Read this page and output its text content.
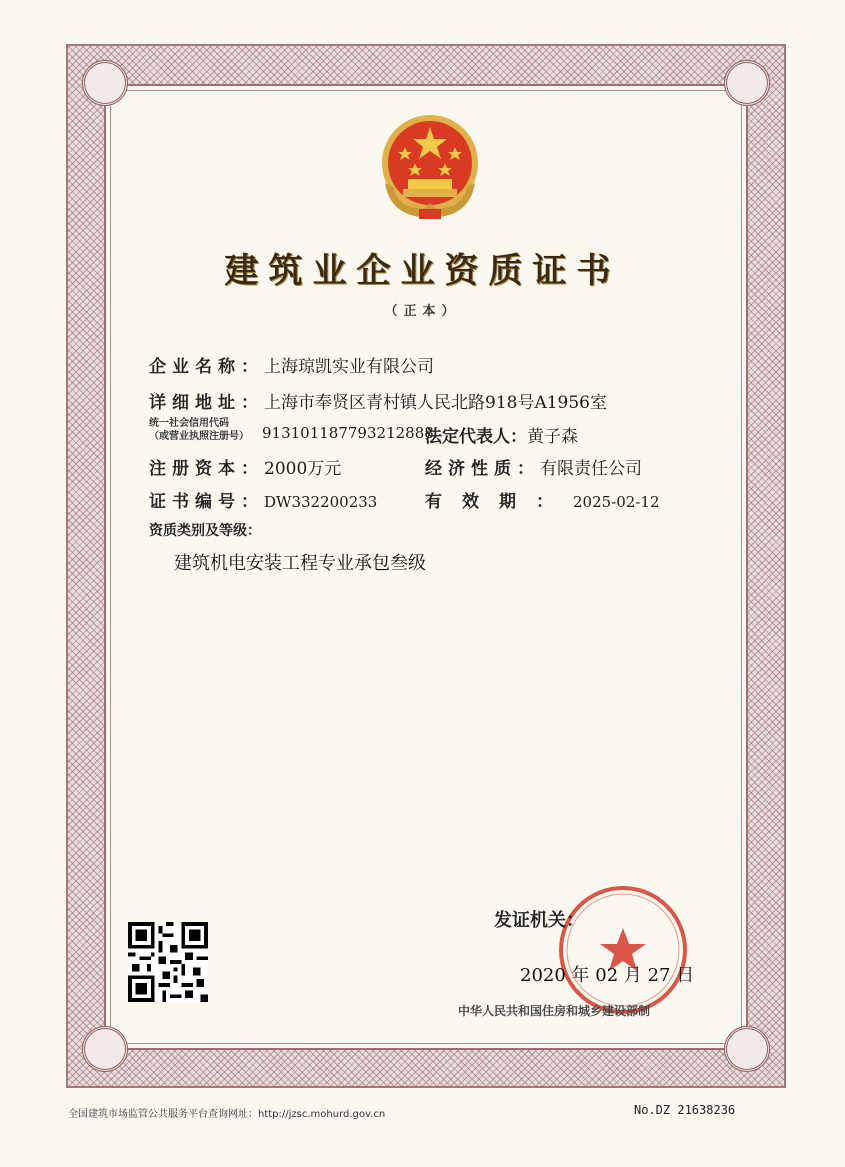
建筑业企业资质证书
（正本）
企业名称：上海琼凯实业有限公司
详细地址：上海市奉贤区青村镇人民北路918号A1956室
统一社会信用代码
（或营业执照注册号） 913101187793212888
法定代表人：黄子森
注册资本：2000万元	经济性质：有限责任公司
证书编号：DW332200233	有效期：2025-02-12
资质类别及等级：
建筑机电安装工程专业承包叁级
发证机关：
2020 年 02 月 27 日
中华人民共和国住房和城乡建设部制
全国建筑市场监管公共服务平台查询网址：http://jzsc.mohurd.gov.cn	No.DZ 21638236
